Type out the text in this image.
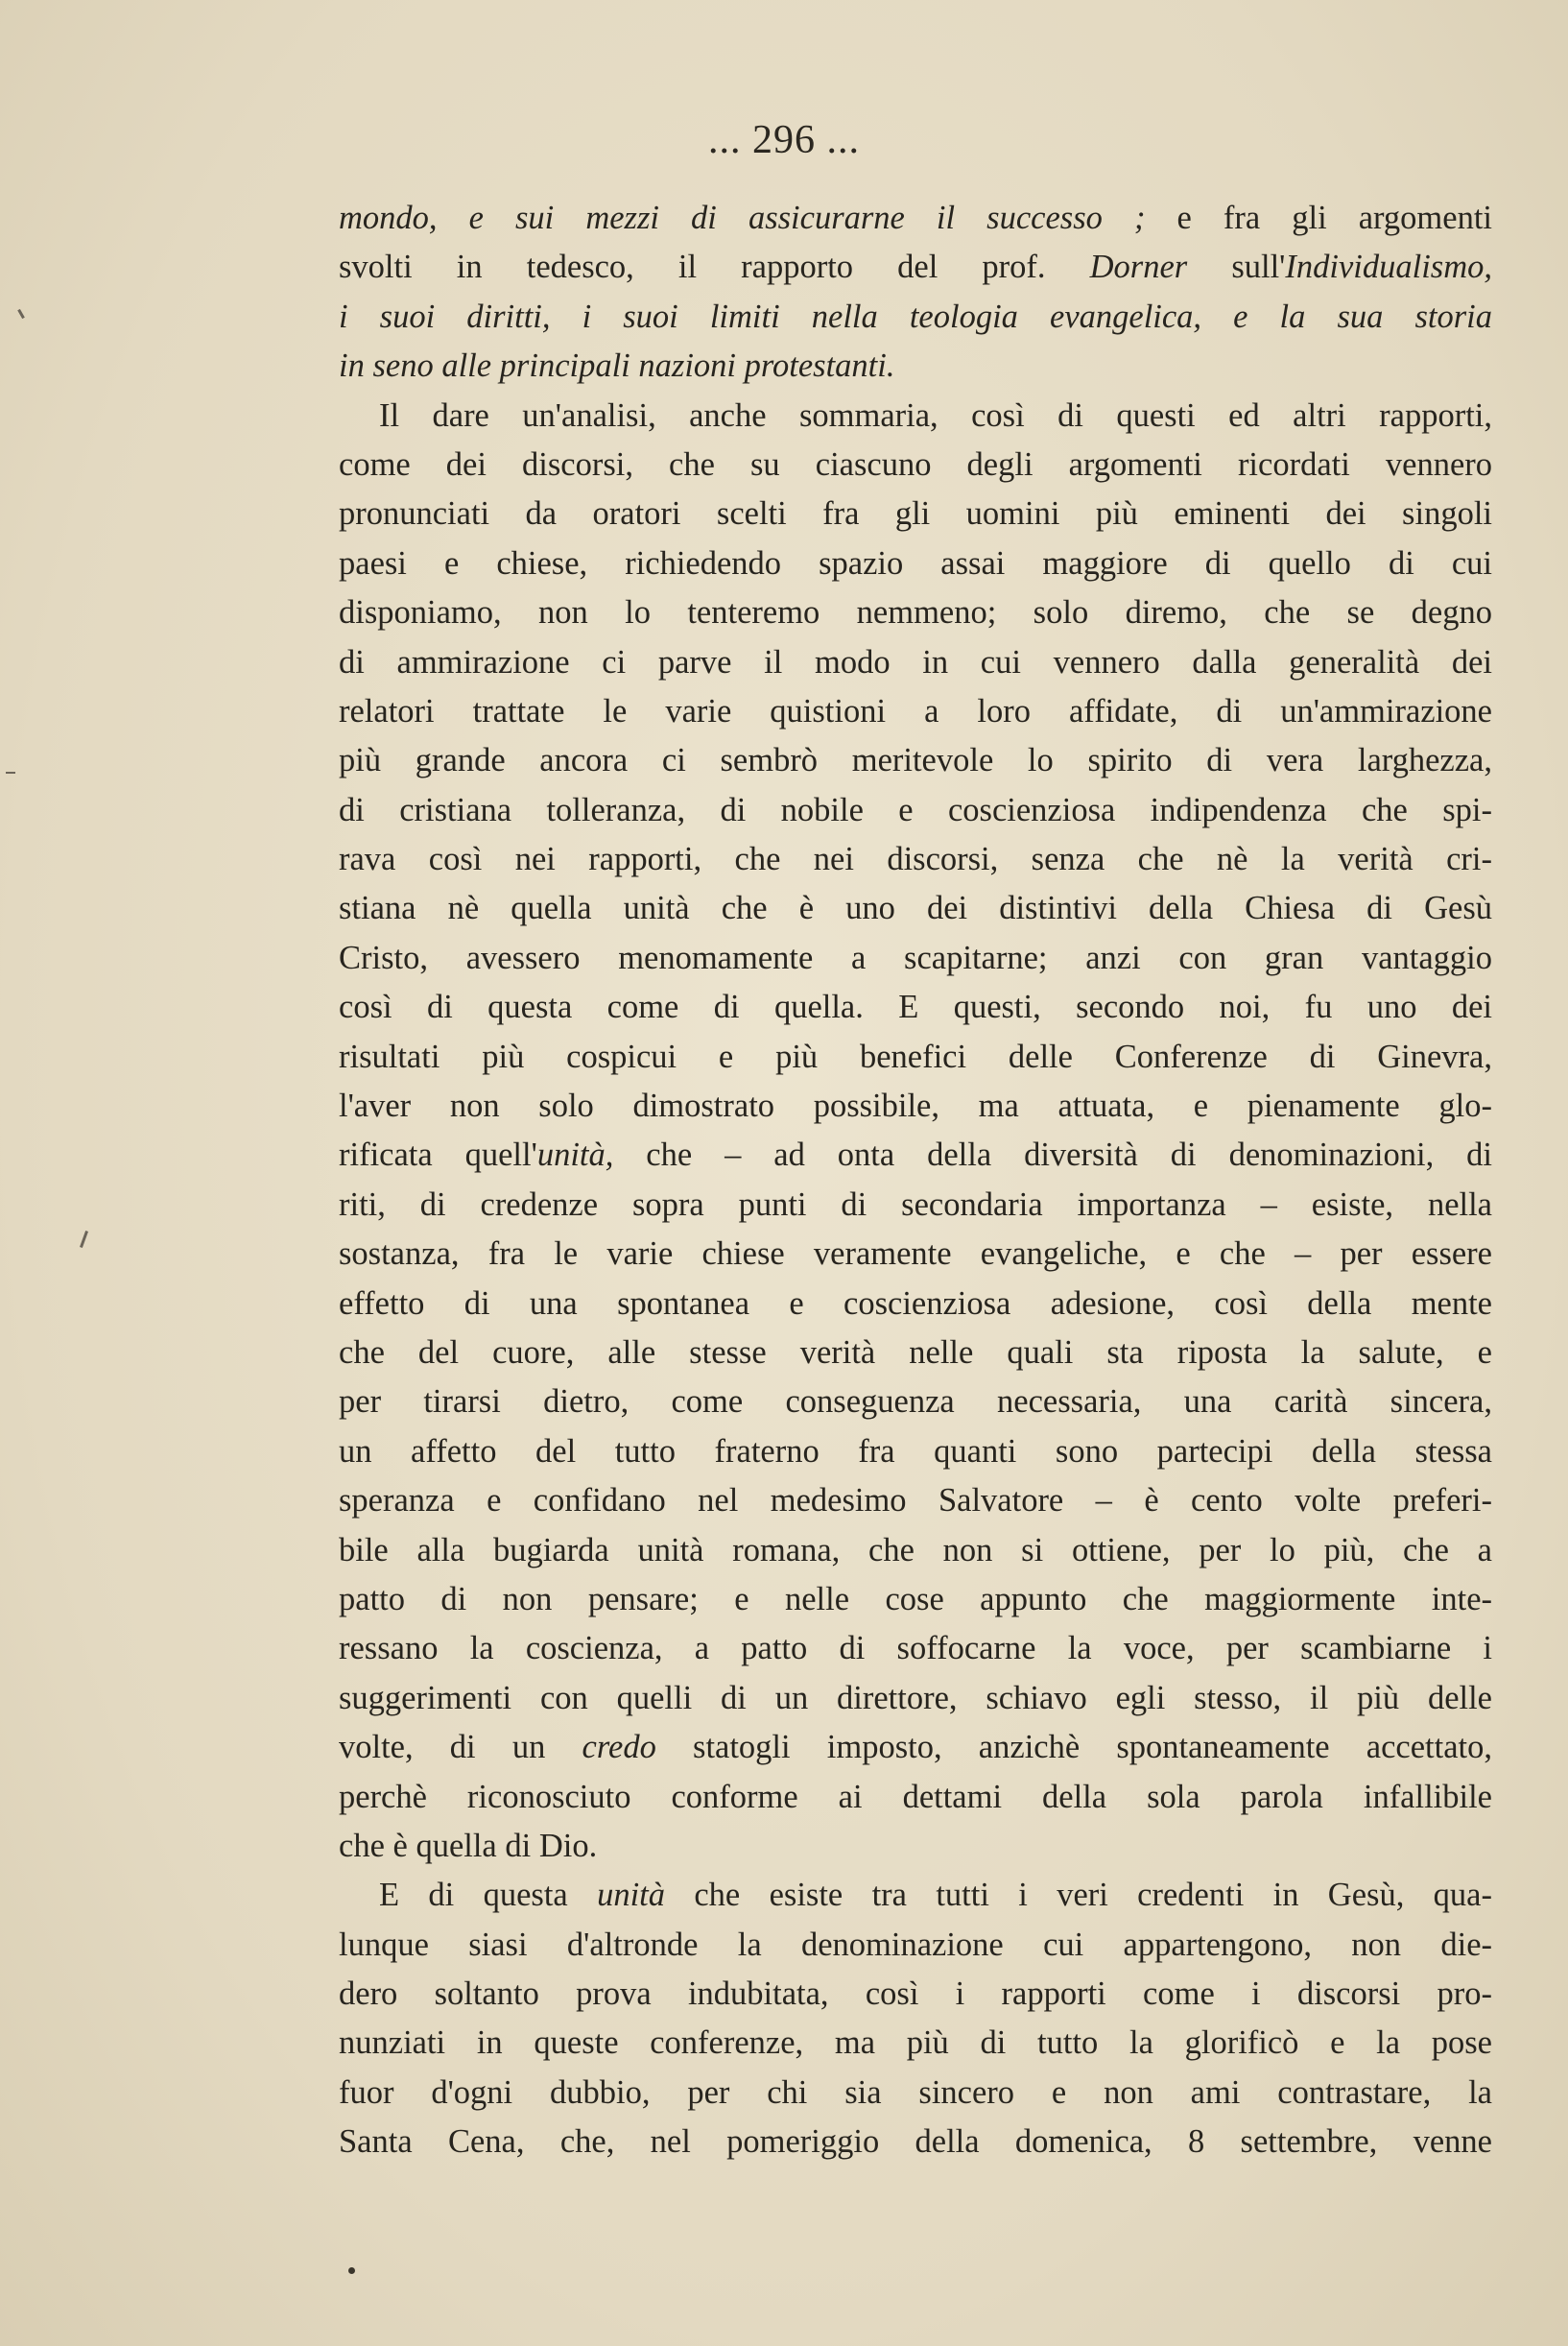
... 296 ...
mondo, e sui mezzi di assicurarne il successo ; e fra gli argomenti
svolti in tedesco, il rapporto del prof. Dorner sull'Individualismo,
i suoi diritti, i suoi limiti nella teologia evangelica, e la sua storia
in seno alle principali nazioni protestanti.
Il dare un'analisi, anche sommaria, così di questi ed altri rapporti,
come dei discorsi, che su ciascuno degli argomenti ricordati vennero
pronunciati da oratori scelti fra gli uomini più eminenti dei singoli
paesi e chiese, richiedendo spazio assai maggiore di quello di cui
disponiamo, non lo tenteremo nemmeno; solo diremo, che se degno
di ammirazione ci parve il modo in cui vennero dalla generalità dei
relatori trattate le varie quistioni a loro affidate, di un'ammirazione
più grande ancora ci sembrò meritevole lo spirito di vera larghezza,
di cristiana tolleranza, di nobile e coscienziosa indipendenza che spi-
rava così nei rapporti, che nei discorsi, senza che nè la verità cri-
stiana nè quella unità che è uno dei distintivi della Chiesa di Gesù
Cristo, avessero menomamente a scapitarne; anzi con gran vantaggio
così di questa come di quella. E questi, secondo noi, fu uno dei
risultati più cospicui e più benefici delle Conferenze di Ginevra,
l'aver non solo dimostrato possibile, ma attuata, e pienamente glo-
rificata quell'unità, che – ad onta della diversità di denominazioni, di
riti, di credenze sopra punti di secondaria importanza – esiste, nella
sostanza, fra le varie chiese veramente evangeliche, e che – per essere
effetto di una spontanea e coscienziosa adesione, così della mente
che del cuore, alle stesse verità nelle quali sta riposta la salute, e
per tirarsi dietro, come conseguenza necessaria, una carità sincera,
un affetto del tutto fraterno fra quanti sono partecipi della stessa
speranza e confidano nel medesimo Salvatore – è cento volte preferi-
bile alla bugiarda unità romana, che non si ottiene, per lo più, che a
patto di non pensare; e nelle cose appunto che maggiormente inte-
ressano la coscienza, a patto di soffocarne la voce, per scambiarne i
suggerimenti con quelli di un direttore, schiavo egli stesso, il più delle
volte, di un credo statogli imposto, anzichè spontaneamente accettato,
perchè riconosciuto conforme ai dettami della sola parola infallibile
che è quella di Dio.
E di questa unità che esiste tra tutti i veri credenti in Gesù, qua-
lunque siasi d'altronde la denominazione cui appartengono, non die-
dero soltanto prova indubitata, così i rapporti come i discorsi pro-
nunziati in queste conferenze, ma più di tutto la glorificò e la pose
fuor d'ogni dubbio, per chi sia sincero e non ami contrastare, la
Santa Cena, che, nel pomeriggio della domenica, 8 settembre, venne
